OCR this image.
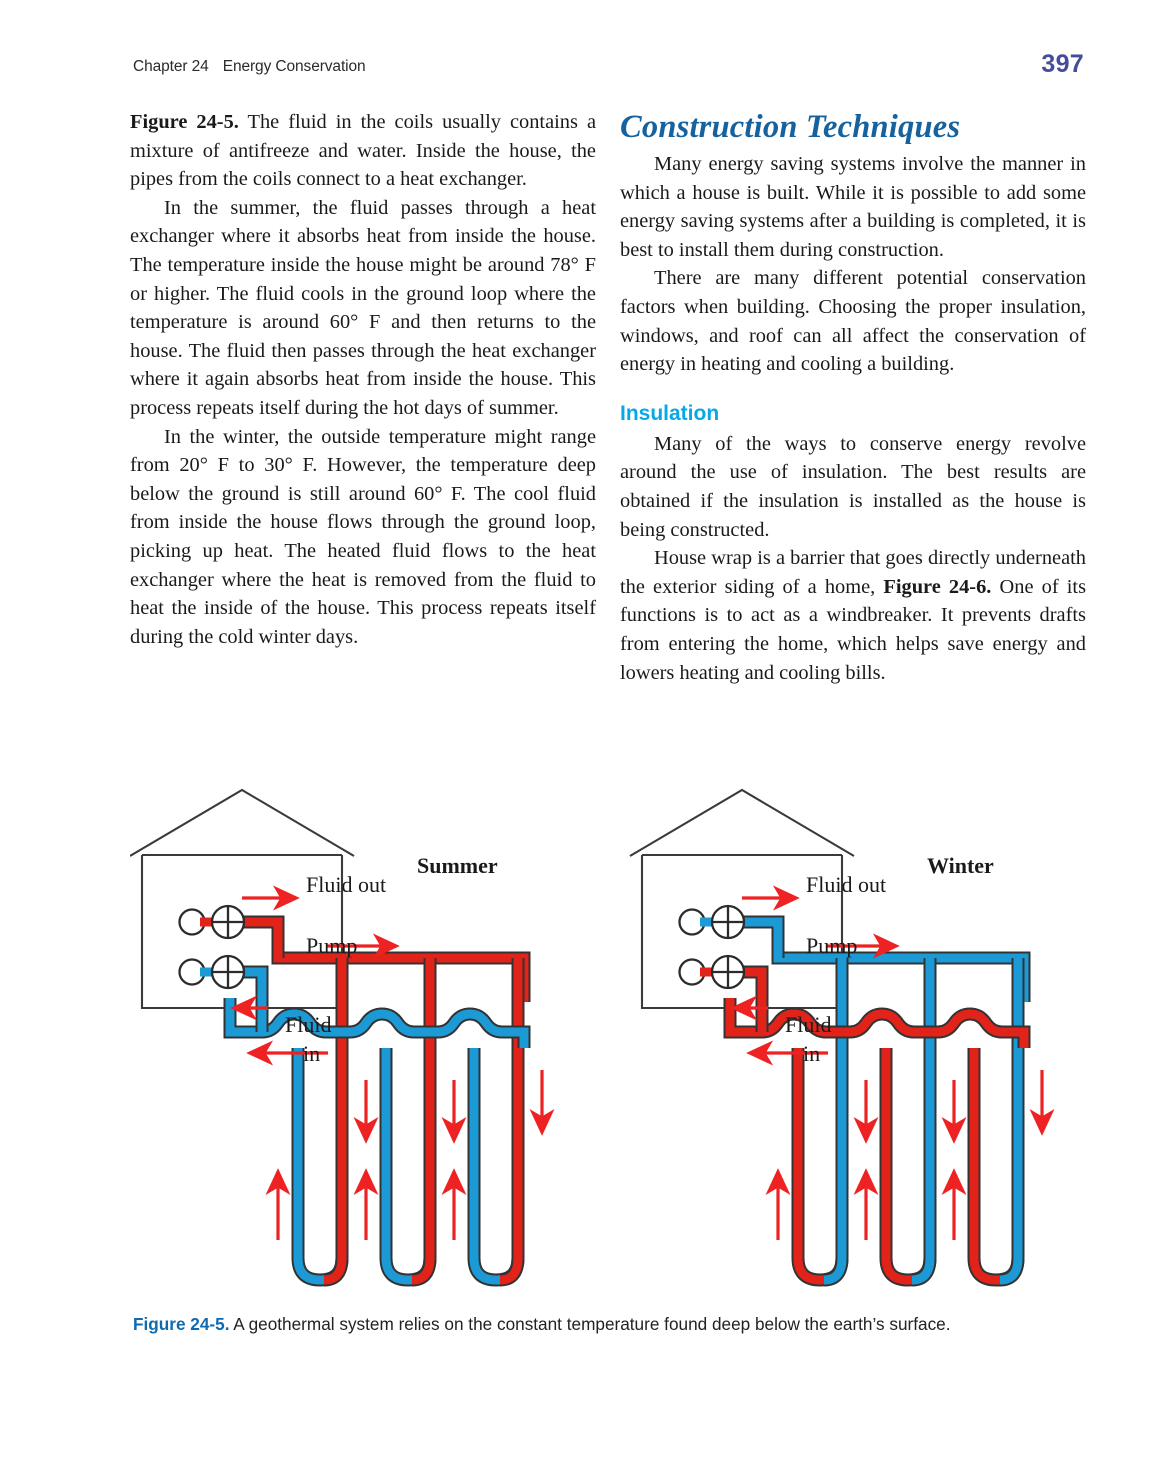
Chapter 24 Energy Conservation	397

Figure 24-5. The fluid in the coils usually contains a mixture of antifreeze and water. Inside the house, the pipes from the coils connect to a heat exchanger.

In the summer, the fluid passes through a heat exchanger where it absorbs heat from inside the house. The temperature inside the house might be around 78° F or higher. The fluid cools in the ground loop where the temperature is around 60° F and then returns to the house. The fluid then passes through the heat exchanger where it again absorbs heat from inside the house. This process repeats itself during the hot days of summer.

In the winter, the outside temperature might range from 20° F to 30° F. However, the temperature deep below the ground is still around 60° F. The cool fluid from inside the house flows through the ground loop, picking up heat. The heated fluid flows to the heat exchanger where the heat is removed from the fluid to heat the inside of the house. This process repeats itself during the cold winter days.

Construction Techniques

Many energy saving systems involve the manner in which a house is built. While it is possible to add some energy saving systems after a building is completed, it is best to install them during construction.

There are many different potential conservation factors when building. Choosing the proper insulation, windows, and roof can all affect the conservation of energy in heating and cooling a building.

Insulation

Many of the ways to conserve energy revolve around the use of insulation. The best results are obtained if the insulation is installed as the house is being constructed.

House wrap is a barrier that goes directly underneath the exterior siding of a home, Figure 24-6. One of its functions is to act as a windbreaker. It prevents drafts from entering the home, which helps save energy and lowers heating and cooling bills.

Summer
Fluid out
Pump
Fluid
in
Winter
Fluid out
Pump
Fluid
in
Figure 24-5. A geothermal system relies on the constant temperature found deep below the earth’s surface.
